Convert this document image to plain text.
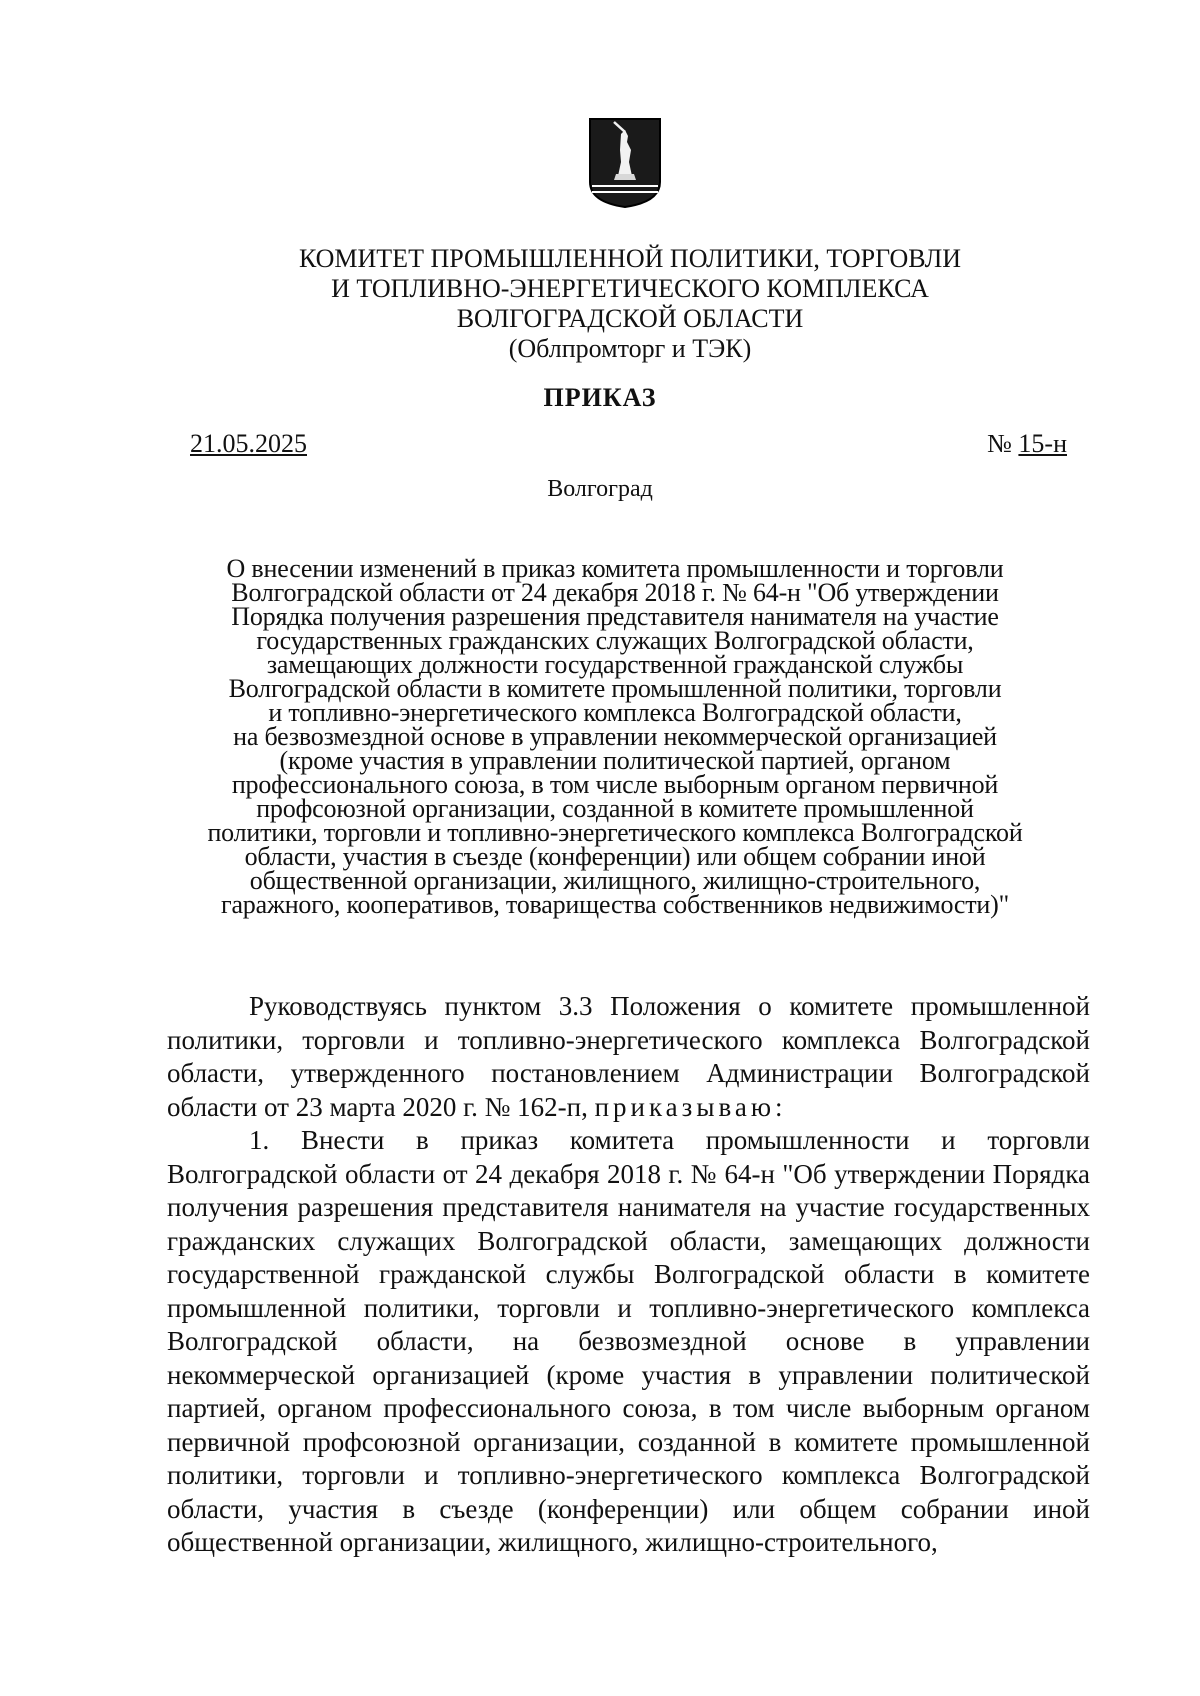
КОМИТЕТ ПРОМЫШЛЕННОЙ ПОЛИТИКИ, ТОРГОВЛИ
И ТОПЛИВНО-ЭНЕРГЕТИЧЕСКОГО КОМПЛЕКСА
ВОЛГОГРАДСКОЙ ОБЛАСТИ
(Облпромторг и ТЭК)
ПРИКАЗ
21.05.2025	№ 15-н
Волгоград
О внесении изменений в приказ комитета промышленности и торговли
Волгоградской области от 24 декабря 2018 г. № 64-н "Об утверждении
Порядка получения разрешения представителя нанимателя на участие
государственных гражданских служащих Волгоградской области,
замещающих должности государственной гражданской службы
Волгоградской области в комитете промышленной политики, торговли
и топливно-энергетического комплекса Волгоградской области,
на безвозмездной основе в управлении некоммерческой организацией
(кроме участия в управлении политической партией, органом
профессионального союза, в том числе выборным органом первичной
профсоюзной организации, созданной в комитете промышленной
политики, торговли и топливно-энергетического комплекса Волгоградской
области, участия в съезде (конференции) или общем собрании иной
общественной организации, жилищного, жилищно-строительного,
гаражного, кооперативов, товарищества собственников недвижимости)"

Руководствуясь пунктом 3.3 Положения о комитете промышленной политики, торговли и топливно-энергетического комплекса Волгоградской области, утвержденного постановлением Администрации Волгоградской области от 23 марта 2020 г. № 162-п, приказываю:

1. Внести в приказ комитета промышленности и торговли Волгоградской области от 24 декабря 2018 г. № 64-н "Об утверждении Порядка получения разрешения представителя нанимателя на участие государственных гражданских служащих Волгоградской области, замещающих должности государственной гражданской службы Волгоградской области в комитете промышленной политики, торговли и топливно-энергетического комплекса Волгоградской области, на безвозмездной основе в управлении некоммерческой организацией (кроме участия в управлении политической партией, органом профессионального союза, в том числе выборным органом первичной профсоюзной организации, созданной в комитете промышленной политики, торговли и топливно-энергетического комплекса Волгоградской области, участия в съезде (конференции) или общем собрании иной общественной организации, жилищного, жилищно-строительного,
